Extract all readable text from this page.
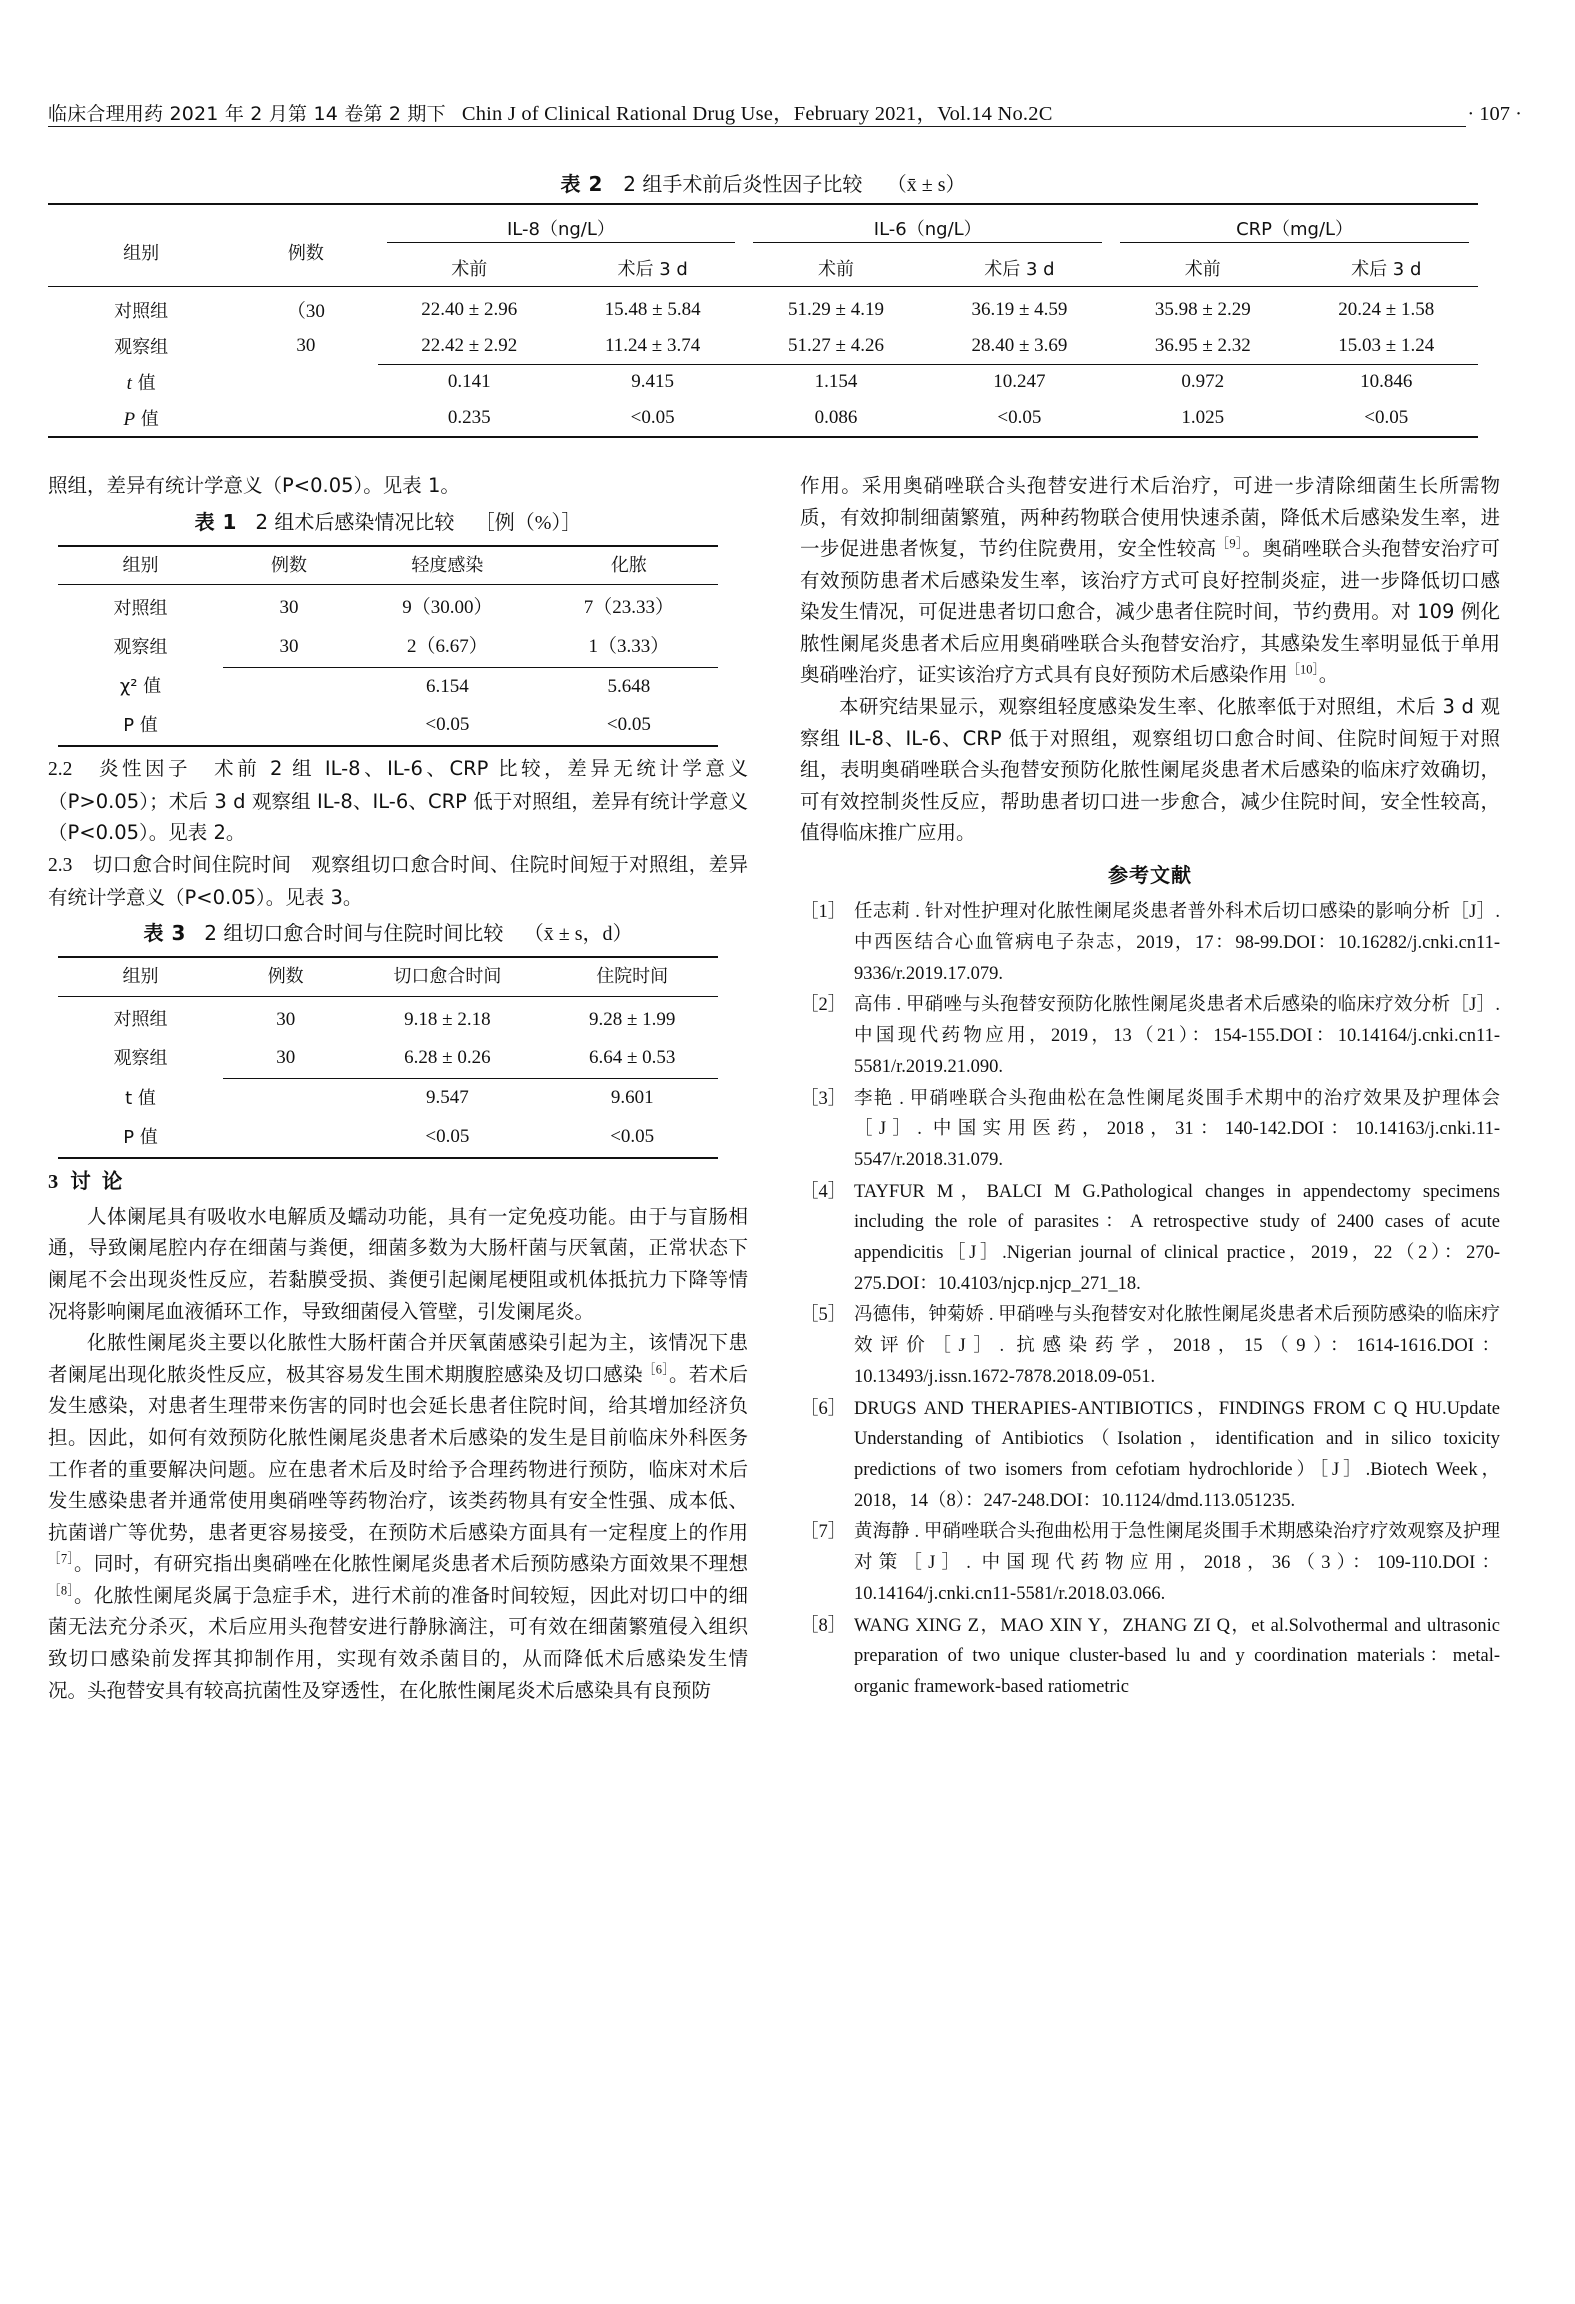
临床合理用药 2021 年 2 月第 14 卷第 2 期下 Chin J of Clinical Rational Drug Use，February 2021，Vol.14 No.2C	· 107 ·
表 2 2 组手术前后炎性因子比较 （x̄ ± s）
组别	例数	IL-8（ng/L）		IL-6（ng/L）		CRP（mg/L）	

		术前	术后 3 d	术前	术后 3 d	术前	术后 3 d
对照组	（30	22.40 ± 2.96	15.48 ± 5.84	51.29 ± 4.19	36.19 ± 4.59	35.98 ± 2.29	20.24 ± 1.58
观察组	30	22.42 ± 2.92	11.24 ± 3.74	51.27 ± 4.26	28.40 ± 3.69	36.95 ± 2.32	15.03 ± 1.24
t 值		0.141	9.415	1.154	10.247	0.972	10.846
P 值		0.235	<0.05	0.086	<0.05	1.025	<0.05

照组，差异有统计学意义（P<0.05）。见表 1。

表 1 2 组术后感染情况比较 ［例（%）］
组别	例数	轻度感染	化脓
对照组	30	9（30.00）	7（23.33）
观察组	30	2（6.67）	1（3.33）
χ² 值		6.154	5.648
P 值		<0.05	<0.05

2.2　 炎性因子　 术前 2 组 IL-8、IL-6、CRP 比较，差异无统计学意义（P>0.05）；术后 3 d 观察组 IL-8、IL-6、CRP 低于对照组，差异有统计学意义（P<0.05）。见表 2。

2.3　 切口愈合时间住院时间　 观察组切口愈合时间、住院时间短于对照组，差异有统计学意义（P<0.05）。见表 3。

表 3 2 组切口愈合时间与住院时间比较 （x̄ ± s，d）
组别	例数	切口愈合时间	住院时间
对照组	30	9.18 ± 2.18	9.28 ± 1.99
观察组	30	6.28 ± 0.26	6.64 ± 0.53
t 值		9.547	9.601
P 值		<0.05	<0.05
3 讨 论

人体阑尾具有吸收水电解质及蠕动功能，具有一定免疫功能。由于与盲肠相通，导致阑尾腔内存在细菌与粪便，细菌多数为大肠杆菌与厌氧菌，正常状态下阑尾不会出现炎性反应，若黏膜受损、粪便引起阑尾梗阻或机体抵抗力下降等情况将影响阑尾血液循环工作，导致细菌侵入管壁，引发阑尾炎。

化脓性阑尾炎主要以化脓性大肠杆菌合并厌氧菌感染引起为主，该情况下患者阑尾出现化脓炎性反应，极其容易发生围术期腹腔感染及切口感染$^{[6]}$。若术后发生感染，对患者生理带来伤害的同时也会延长患者住院时间，给其增加经济负担。因此，如何有效预防化脓性阑尾炎患者术后感染的发生是目前临床外科医务工作者的重要解决问题。应在患者术后及时给予合理药物进行预防，临床对术后发生感染患者并通常使用奥硝唑等药物治疗，该类药物具有安全性强、成本低、抗菌谱广等优势，患者更容易接受，在预防术后感染方面具有一定程度上的作用$^{[7]}$。同时，有研究指出奥硝唑在化脓性阑尾炎患者术后预防感染方面效果不理想$^{[8]}$。化脓性阑尾炎属于急症手术，进行术前的准备时间较短，因此对切口中的细菌无法充分杀灭，术后应用头孢替安进行静脉滴注，可有效在细菌繁殖侵入组织致切口感染前发挥其抑制作用，实现有效杀菌目的，从而降低术后感染发生情况。头孢替安具有较高抗菌性及穿透性，在化脓性阑尾炎术后感染具有良预防

作用。采用奥硝唑联合头孢替安进行术后治疗，可进一步清除细菌生长所需物质，有效抑制细菌繁殖，两种药物联合使用快速杀菌，降低术后感染发生率，进一步促进患者恢复，节约住院费用，安全性较高$^{[9]}$。奥硝唑联合头孢替安治疗可有效预防患者术后感染发生率，该治疗方式可良好控制炎症，进一步降低切口感染发生情况，可促进患者切口愈合，减少患者住院时间，节约费用。对 109 例化脓性阑尾炎患者术后应用奥硝唑联合头孢替安治疗，其感染发生率明显低于单用奥硝唑治疗，证实该治疗方式具有良好预防术后感染作用$^{[10]}$。

本研究结果显示，观察组轻度感染发生率、化脓率低于对照组，术后 3 d 观察组 IL-8、IL-6、CRP 低于对照组，观察组切口愈合时间、住院时间短于对照组，表明奥硝唑联合头孢替安预防化脓性阑尾炎患者术后感染的临床疗效确切，可有效控制炎性反应，帮助患者切口进一步愈合，减少住院时间，安全性较高，值得临床推广应用。

参考文献
［1］ 任志莉 . 针对性护理对化脓性阑尾炎患者普外科术后切口感染的影响分析［J］. 中西医结合心血管病电子杂志，2019，17：98-99.DOI：10.16282/j.cnki.cn11-9336/r.2019.17.079.
［2］ 高伟 . 甲硝唑与头孢替安预防化脓性阑尾炎患者术后感染的临床疗效分析［J］. 中国现代药物应用，2019，13（21）：154-155.DOI：10.14164/j.cnki.cn11-5581/r.2019.21.090.
［3］ 李艳 . 甲硝唑联合头孢曲松在急性阑尾炎围手术期中的治疗效果及护理体会［J］. 中国实用医药，2018，31：140-142.DOI：10.14163/j.cnki.11-5547/r.2018.31.079.
［4］ TAYFUR M，BALCI M G.Pathological changes in appendectomy specimens including the role of parasites：A retrospective study of 2400 cases of acute appendicitis［J］.Nigerian journal of clinical practice，2019，22（2）：270-275.DOI：10.4103/njcp.njcp_271_18.
［5］ 冯德伟，钟菊娇 . 甲硝唑与头孢替安对化脓性阑尾炎患者术后预防感染的临床疗效评价［J］. 抗感染药学，2018，15（9）：1614-1616.DOI：10.13493/j.issn.1672-7878.2018.09-051.
［6］ DRUGS AND THERAPIES-ANTIBIOTICS，FINDINGS FROM C Q HU.Update Understanding of Antibiotics（Isolation，identification and in silico toxicity predictions of two isomers from cefotiam hydrochloride）［J］.Biotech Week，2018，14（8）：247-248.DOI：10.1124/dmd.113.051235.
［7］ 黄海静 . 甲硝唑联合头孢曲松用于急性阑尾炎围手术期感染治疗疗效观察及护理对策［J］. 中国现代药物应用，2018，36（3）：109-110.DOI：10.14164/j.cnki.cn11-5581/r.2018.03.066.
［8］ WANG XING Z，MAO XIN Y，ZHANG ZI Q，et al.Solvothermal and ultrasonic preparation of two unique cluster-based lu and y coordination materials：metal-organic framework-based ratiometric
